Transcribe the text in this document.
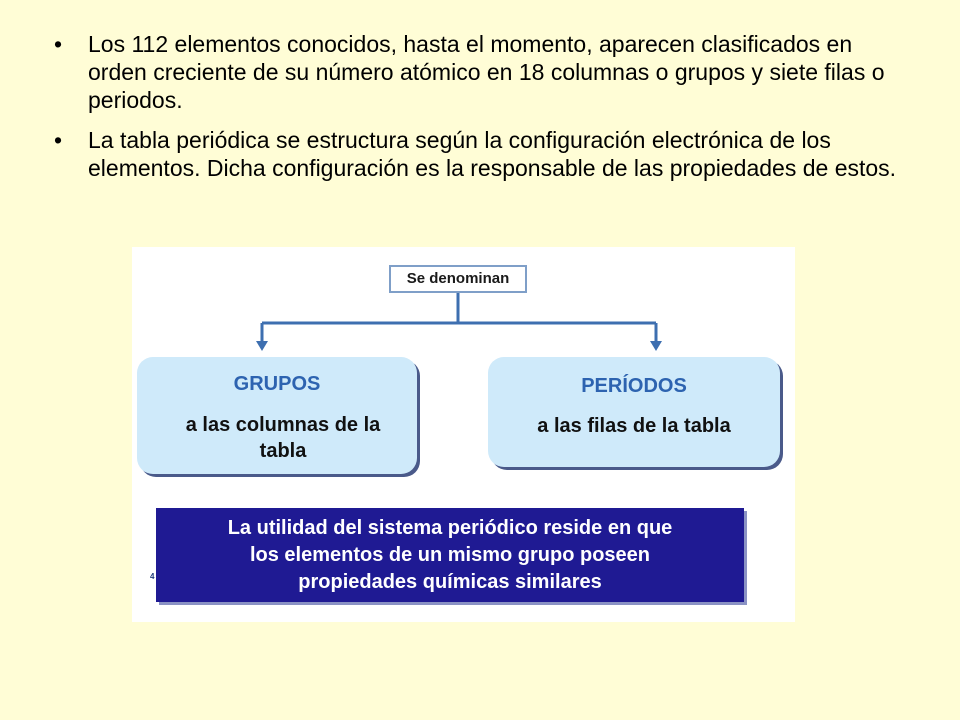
• Los 112 elementos conocidos, hasta el momento, aparecen clasificados en orden creciente de su número atómico en 18 columnas o grupos y siete filas o periodos.
• La tabla periódica se estructura según la configuración electrónica de los elementos. Dicha configuración es la responsable de las propiedades de estos.
Se denominan
GRUPOS
a las columnas de la
tabla
PERÍODOS
a las filas de la tabla
4
La utilidad del sistema periódico reside en que
los elementos de un mismo grupo poseen
propiedades químicas similares
